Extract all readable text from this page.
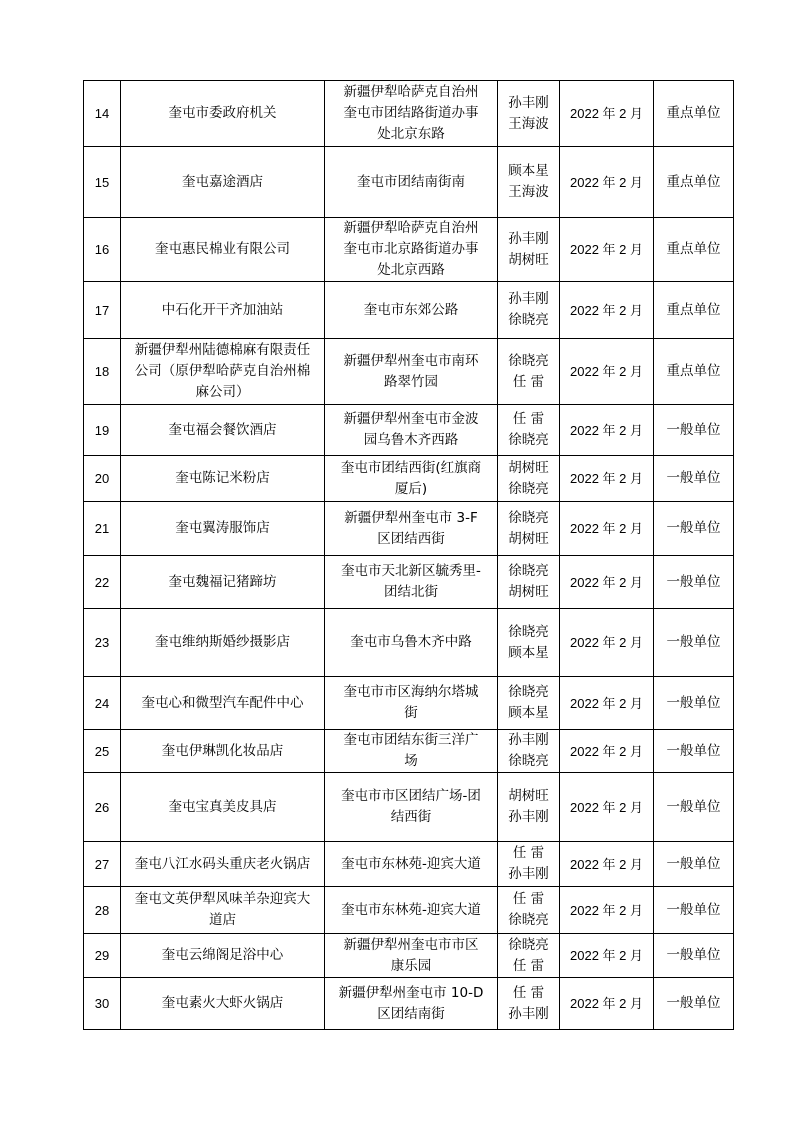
14	奎屯市委政府机关	新疆伊犁哈萨克自治州
奎屯市团结路街道办事
处北京东路	孙丰刚
王海波	2022 年 2 月	重点单位
15	奎屯嘉途酒店	奎屯市团结南街南	顾本星
王海波	2022 年 2 月	重点单位
16	奎屯惠民棉业有限公司	新疆伊犁哈萨克自治州
奎屯市北京路街道办事
处北京西路	孙丰刚
胡树旺	2022 年 2 月	重点单位
17	中石化开干齐加油站	奎屯市东郊公路	孙丰刚
徐晓亮	2022 年 2 月	重点单位
18	新疆伊犁州陆德棉麻有限责任
公司（原伊犁哈萨克自治州棉
麻公司）	新疆伊犁州奎屯市南环
路翠竹园	徐晓亮
任 雷	2022 年 2 月	重点单位
19	奎屯福会餐饮酒店	新疆伊犁州奎屯市金波
园乌鲁木齐西路	任 雷
徐晓亮	2022 年 2 月	一般单位
20	奎屯陈记米粉店	奎屯市团结西街(红旗商
厦后)	胡树旺
徐晓亮	2022 年 2 月	一般单位
21	奎屯翼涛服饰店	新疆伊犁州奎屯市 3-F
区团结西街	徐晓亮
胡树旺	2022 年 2 月	一般单位
22	奎屯魏福记猪蹄坊	奎屯市天北新区毓秀里-
团结北街	徐晓亮
胡树旺	2022 年 2 月	一般单位
23	奎屯维纳斯婚纱摄影店	奎屯市乌鲁木齐中路	徐晓亮
顾本星	2022 年 2 月	一般单位
24	奎屯心和微型汽车配件中心	奎屯市市区海纳尔塔城
街	徐晓亮
顾本星	2022 年 2 月	一般单位
25	奎屯伊琳凯化妆品店	奎屯市团结东街三洋广
场	孙丰刚
徐晓亮	2022 年 2 月	一般单位
26	奎屯宝真美皮具店	奎屯市市区团结广场-团
结西街	胡树旺
孙丰刚	2022 年 2 月	一般单位
27	奎屯八江水码头重庆老火锅店	奎屯市东林苑-迎宾大道	任 雷
孙丰刚	2022 年 2 月	一般单位
28	奎屯文英伊犁风味羊杂迎宾大
道店	奎屯市东林苑-迎宾大道	任 雷
徐晓亮	2022 年 2 月	一般单位
29	奎屯云绵阁足浴中心	新疆伊犁州奎屯市市区
康乐园	徐晓亮
任 雷	2022 年 2 月	一般单位
30	奎屯素火大虾火锅店	新疆伊犁州奎屯市 10-D
区团结南街	任 雷
孙丰刚	2022 年 2 月	一般单位
